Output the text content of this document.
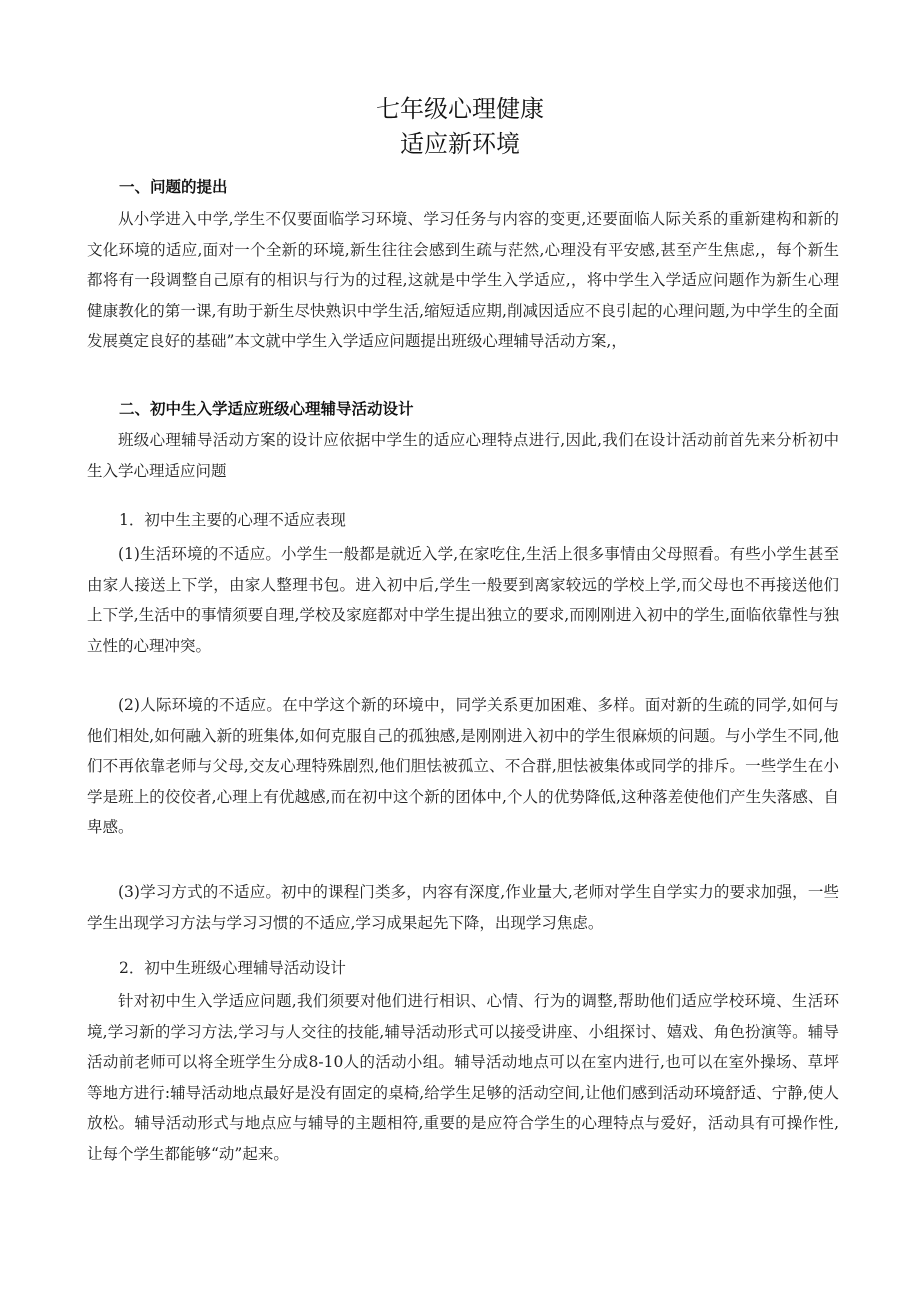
七年级心理健康
适应新环境
一、问题的提出

从小学进入中学,学生不仅要面临学习环境、学习任务与内容的变更,还要面临人际关系的重新建构和新的文化环境的适应,面对一个全新的环境,新生往往会感到生疏与茫然,心理没有平安感,甚至产生焦虑,，每个新生都将有一段调整自己原有的相识与行为的过程,这就是中学生入学适应,，将中学生入学适应问题作为新生心理健康教化的第一课,有助于新生尽快熟识中学生活,缩短适应期,削减因适应不良引起的心理问题,为中学生的全面发展奠定良好的基础”本文就中学生入学适应问题提出班级心理辅导活动方案,，

二、初中生入学适应班级心理辅导活动设计

班级心理辅导活动方案的设计应依据中学生的适应心理特点进行,因此,我们在设计活动前首先来分析初中生入学心理适应问题

1．初中生主要的心理不适应表现

(1)生活环境的不适应。小学生一般都是就近入学,在家吃住,生活上很多事情由父母照看。有些小学生甚至由家人接送上下学，由家人整理书包。进入初中后,学生一般要到离家较远的学校上学,而父母也不再接送他们上下学,生活中的事情须要自理,学校及家庭都对中学生提出独立的要求,而刚刚进入初中的学生,面临依靠性与独立性的心理冲突。

(2)人际环境的不适应。在中学这个新的环境中，同学关系更加困难、多样。面对新的生疏的同学,如何与他们相处,如何融入新的班集体,如何克服自己的孤独感,是刚刚进入初中的学生很麻烦的问题。与小学生不同,他们不再依靠老师与父母,交友心理特殊剧烈,他们胆怯被孤立、不合群,胆怯被集体或同学的排斥。一些学生在小学是班上的佼佼者,心理上有优越感,而在初中这个新的团体中,个人的优势降低,这种落差使他们产生失落感、自卑感。

(3)学习方式的不适应。初中的课程门类多，内容有深度,作业量大,老师对学生自学实力的要求加强，一些学生出现学习方法与学习习惯的不适应,学习成果起先下降，出现学习焦虑。

2．初中生班级心理辅导活动设计

针对初中生入学适应问题,我们须要对他们进行相识、心情、行为的调整,帮助他们适应学校环境、生活环境,学习新的学习方法,学习与人交往的技能,辅导活动形式可以接受讲座、小组探讨、嬉戏、角色扮演等。辅导活动前老师可以将全班学生分成8-10人的活动小组。辅导活动地点可以在室内进行,也可以在室外操场、草坪等地方进行:辅导活动地点最好是没有固定的桌椅,给学生足够的活动空间,让他们感到活动环境舒适、宁静,使人放松。辅导活动形式与地点应与辅导的主题相符,重要的是应符合学生的心理特点与爱好，活动具有可操作性,让每个学生都能够“动”起来。
